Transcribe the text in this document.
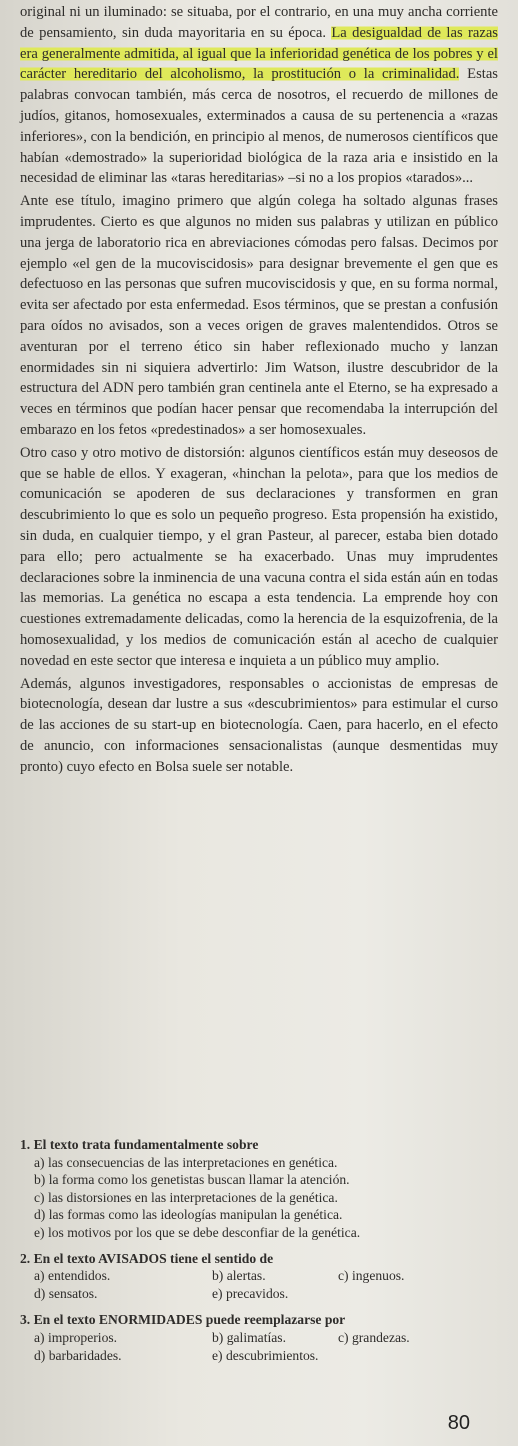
original ni un iluminado: se situaba, por el contrario, en una muy ancha corriente de pensamiento, sin duda mayoritaria en su época. La desigualdad de las razas era generalmente admitida, al igual que la inferioridad genética de los pobres y el carácter hereditario del alcoholismo, la prostitución o la criminalidad. Estas palabras convocan también, más cerca de nosotros, el recuerdo de millones de judíos, gitanos, homosexuales, exterminados a causa de su pertenencia a «razas inferiores», con la bendición, en principio al menos, de numerosos científicos que habían «demostrado» la superioridad biológica de la raza aria e insistido en la necesidad de eliminar las «taras hereditarias» –si no a los propios «tarados»...

Ante ese título, imagino primero que algún colega ha soltado algunas frases imprudentes. Cierto es que algunos no miden sus palabras y utilizan en público una jerga de laboratorio rica en abreviaciones cómodas pero falsas. Decimos por ejemplo «el gen de la mucoviscidosis» para designar brevemente el gen que es defectuoso en las personas que sufren mucoviscidosis y que, en su forma normal, evita ser afectado por esta enfermedad. Esos términos, que se prestan a confusión para oídos no avisados, son a veces origen de graves malentendidos. Otros se aventuran por el terreno ético sin haber reflexionado mucho y lanzan enormidades sin ni siquiera advertirlo: Jim Watson, ilustre descubridor de la estructura del ADN pero también gran centinela ante el Eterno, se ha expresado a veces en términos que podían hacer pensar que recomendaba la interrupción del embarazo en los fetos «predestinados» a ser homosexuales.

Otro caso y otro motivo de distorsión: algunos científicos están muy deseosos de que se hable de ellos. Y exageran, «hinchan la pelota», para que los medios de comunicación se apoderen de sus declaraciones y transformen en gran descubrimiento lo que es solo un pequeño progreso. Esta propensión ha existido, sin duda, en cualquier tiempo, y el gran Pasteur, al parecer, estaba bien dotado para ello; pero actualmente se ha exacerbado. Unas muy imprudentes declaraciones sobre la inminencia de una vacuna contra el sida están aún en todas las memorias. La genética no escapa a esta tendencia. La emprende hoy con cuestiones extremadamente delicadas, como la herencia de la esquizofrenia, de la homosexualidad, y los medios de comunicación están al acecho de cualquier novedad en este sector que interesa e inquieta a un público muy amplio.

Además, algunos investigadores, responsables o accionistas de empresas de biotecnología, desean dar lustre a sus «descubrimientos» para estimular el curso de las acciones de su start-up en biotecnología. Caen, para hacerlo, en el efecto de anuncio, con informaciones sensacionalistas (aunque desmentidas muy pronto) cuyo efecto en Bolsa suele ser notable.

1. El texto trata fundamentalmente sobre

a) las consecuencias de las interpretaciones en genética.

b) la forma como los genetistas buscan llamar la atención.

c) las distorsiones en las interpretaciones de la genética.

d) las formas como las ideologías manipulan la genética.

e) los motivos por los que se debe desconfiar de la genética.

2. En el texto AVISADOS tiene el sentido de

a) entendidos.	b) alertas.	c) ingenuos.
d) sensatos.	e) precavidos.

3. En el texto ENORMIDADES puede reemplazarse por

a) improperios.	b) galimatías.	c) grandezas.
d) barbaridades.	e) descubrimientos.
80
